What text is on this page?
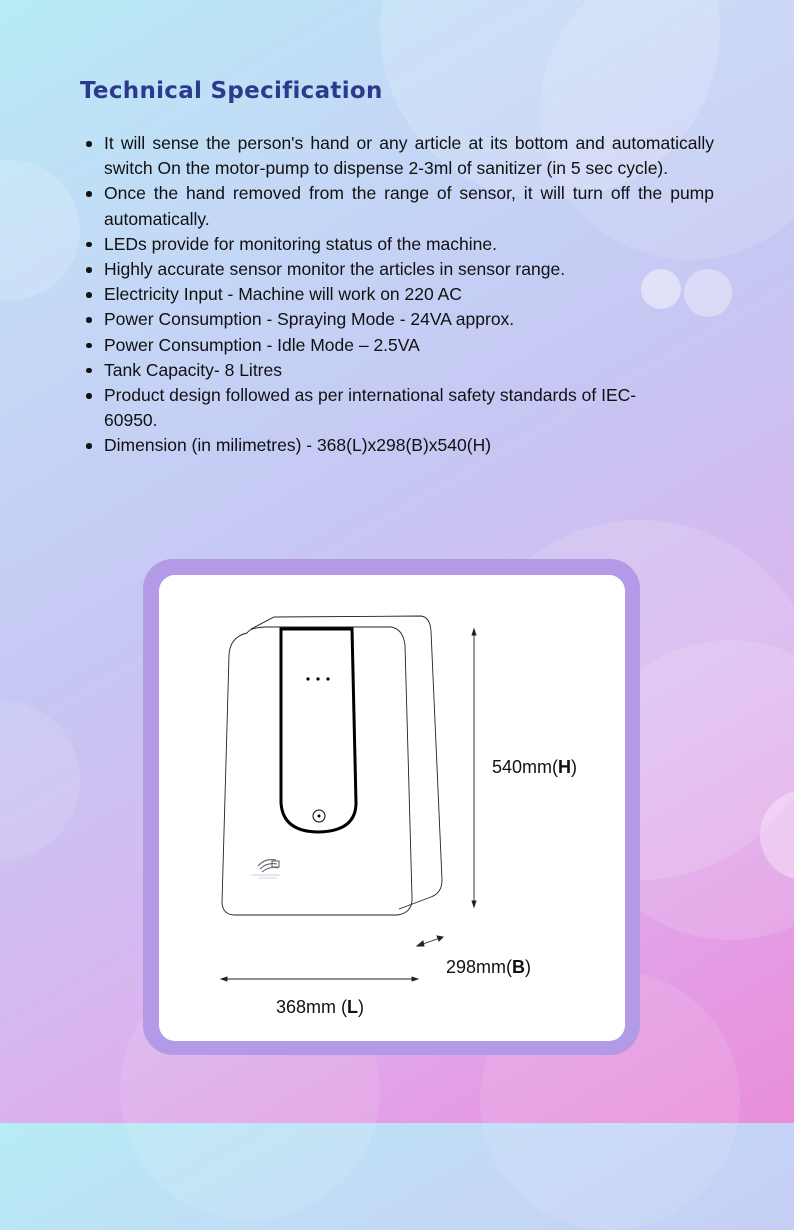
Technical Specification
It will sense the person's hand or any article at its bottom and automatically switch On the motor-pump to dispense 2-3ml of sanitizer (in 5 sec cycle).
Once the hand removed from the range of sensor, it will turn off the pump automatically.
LEDs provide for monitoring status of the machine.
Highly accurate sensor monitor the articles in sensor range.
Electricity Input - Machine will work on 220 AC
Power Consumption - Spraying Mode - 24VA approx.
Power Consumption - Idle Mode – 2.5VA
Tank Capacity- 8 Litres
Product design followed as per international safety standards of IEC-60950.
Dimension (in milimetres) - 368(L)x298(B)x540(H)
540mm(H)
298mm(B)
368mm (L)
